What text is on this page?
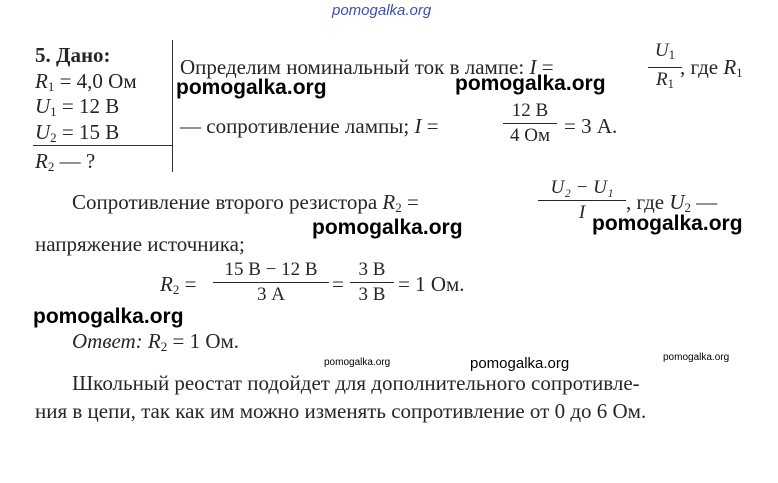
pomogalka.org
5. Дано:
$R_1 = 4,0$ Ом
$U_1 = 12$ В
$U_2 = 15$ В
$R_2$ — ?
Определим номинальный ток в лампе: I =
$U_1$
$R_1$
, где $R_1$
pomogalka.org	pomogalka.org
— сопротивление лампы; I =
12 В
4 Ом = 3 А.
Сопротивление второго резистора $R_2$ =
U₂ − U₁
I	, где $U_2$ —
pomogalka.org	pomogalka.org
напряжение источника;
$R_2$ =
15 В − 12 В
3 А	=
3 В
3 В = 1 Ом.
pomogalka.org
Ответ: $R_2 = 1$ Ом.
pomogalka.org	pomogalka.org	pomogalka.org
Школьный реостат подойдет для дополнительного сопротивле-
ния в цепи, так как им можно изменять сопротивление от 0 до 6 Ом.
